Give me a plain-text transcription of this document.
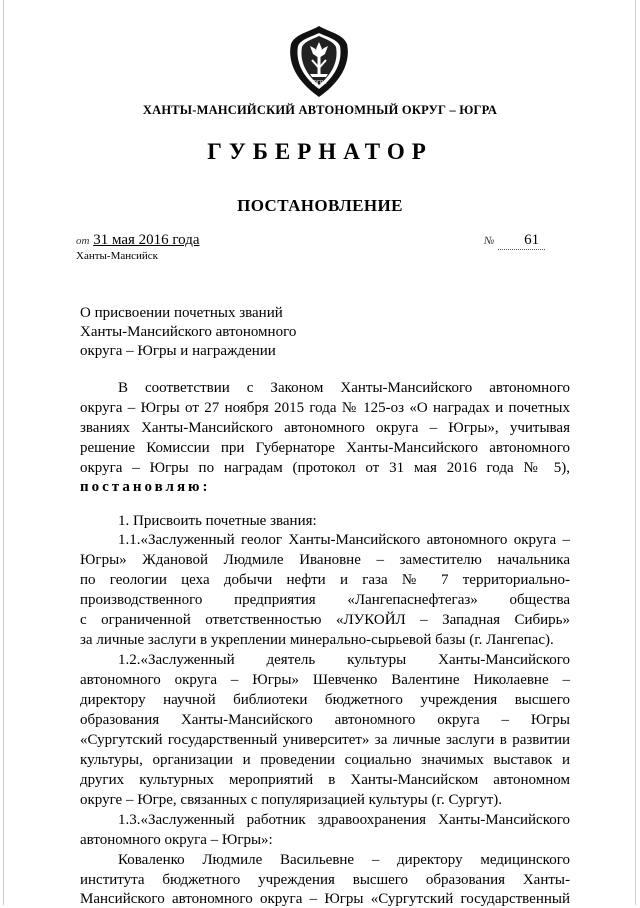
ЮГРА
ХАНТЫ-МАНСИЙСКИЙ АВТОНОМНЫЙ ОКРУГ – ЮГРА
ГУБЕРНАТОР
ПОСТАНОВЛЕНИЕ
от 31 мая 2016 года	№ 61
Ханты-Мансийск
О присвоении почетных званий
Ханты-Мансийского автономного
округа – Югры и награждении
В соответствии с Законом Ханты-Мансийского автономного
округа – Югры от 27 ноября 2015 года № 125-оз «О наградах и почетных
званиях Ханты-Мансийского автономного округа – Югры», учитывая
решение Комиссии при Губернаторе Ханты-Мансийского автономного
округа – Югры по наградам (протокол от 31 мая 2016 года № 5),
постановляю:
1. Присвоить почетные звания:
1.1.«Заслуженный геолог Ханты-Мансийского автономного округа –
Югры» Ждановой Людмиле Ивановне – заместителю начальника
по геологии цеха добычи нефти и газа № 7 территориально-
производственного предприятия «Лангепаснефтегаз» общества
с ограниченной ответственностью «ЛУКОЙЛ – Западная Сибирь»
за личные заслуги в укреплении минерально-сырьевой базы (г. Лангепас).
1.2.«Заслуженный деятель культуры Ханты-Мансийского
автономного округа – Югры» Шевченко Валентине Николаевне –
директору научной библиотеки бюджетного учреждения высшего
образования Ханты-Мансийского автономного округа – Югры
«Сургутский государственный университет» за личные заслуги в развитии
культуры, организации и проведении социально значимых выставок и
других культурных мероприятий в Ханты-Мансийском автономном
округе – Югре, связанных с популяризацией культуры (г. Сургут).
1.3.«Заслуженный работник здравоохранения Ханты-Мансийского
автономного округа – Югры»:
Коваленко Людмиле Васильевне – директору медицинского
института бюджетного учреждения высшего образования Ханты-
Мансийского автономного округа – Югры «Сургутский государственный
